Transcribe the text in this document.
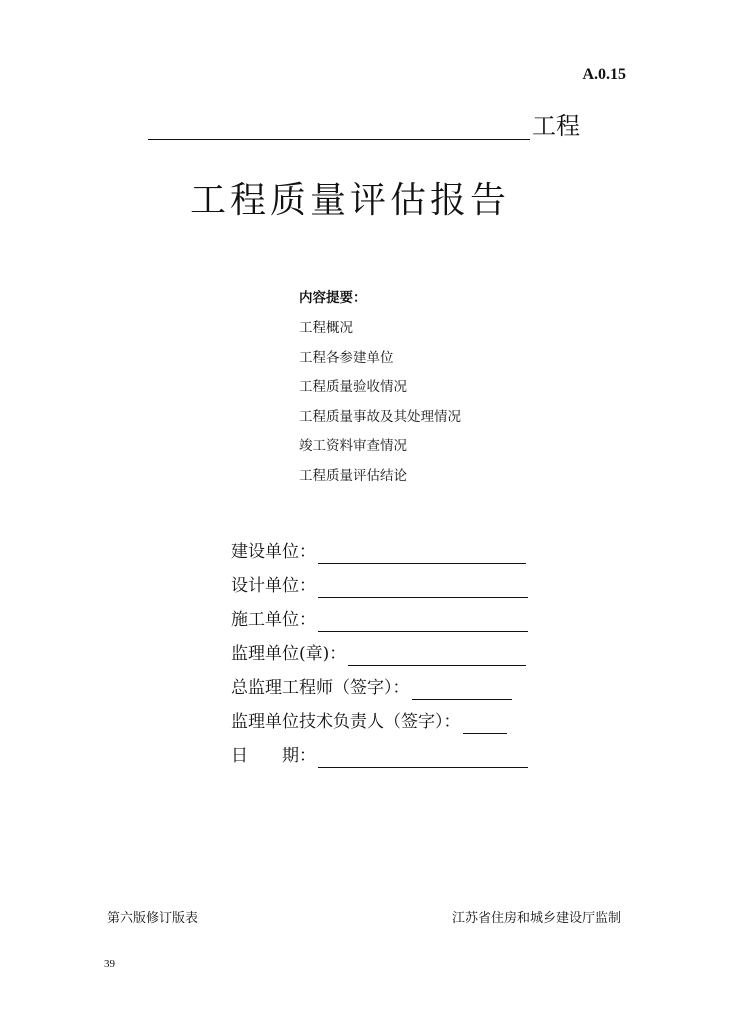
A.0.15
工程
工程质量评估报告
内容提要：
工程概况
工程各参建单位
工程质量验收情况
工程质量事故及其处理情况
竣工资料审查情况
工程质量评估结论
建设单位：
设计单位：
施工单位：
监理单位(章)：
总监理工程师（签字）：
监理单位技术负责人（签字）：
日　　期：
第六版修订版表	江苏省住房和城乡建设厅监制
39
